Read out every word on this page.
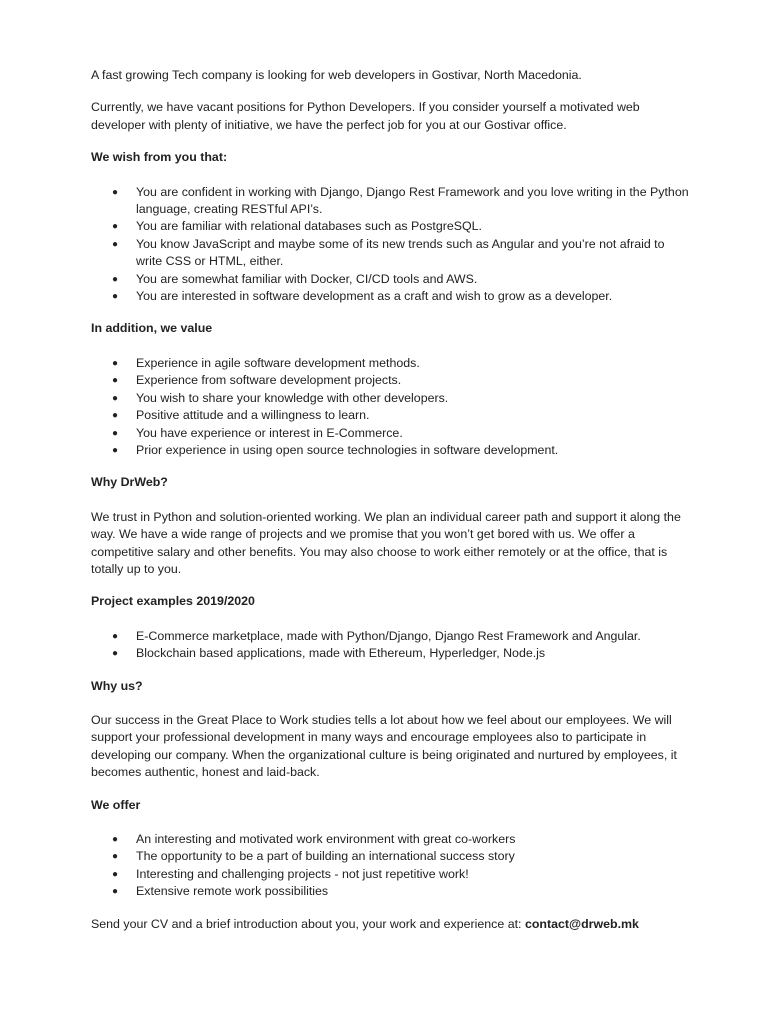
A fast growing Tech company is looking for web developers in Gostivar, North Macedonia.

Currently, we have vacant positions for Python Developers. If you consider yourself a motivated web developer with plenty of initiative, we have the perfect job for you at our Gostivar office.

We wish from you that:
● You are confident in working with Django, Django Rest Framework and you love writing in the Python language, creating RESTful API’s.
● You are familiar with relational databases such as PostgreSQL.
● You know JavaScript and maybe some of its new trends such as Angular and you’re not afraid to write CSS or HTML, either.
● You are somewhat familiar with Docker, CI/CD tools and AWS.
● You are interested in software development as a craft and wish to grow as a developer.
In addition, we value
● Experience in agile software development methods.
● Experience from software development projects.
● You wish to share your knowledge with other developers.
● Positive attitude and a willingness to learn.
● You have experience or interest in E-Commerce.
● Prior experience in using open source technologies in software development.
Why DrWeb?

We trust in Python and solution-oriented working. We plan an individual career path and support it along the way. We have a wide range of projects and we promise that you won’t get bored with us. We offer a competitive salary and other benefits. You may also choose to work either remotely or at the office, that is totally up to you.

Project examples 2019/2020
● E-Commerce marketplace, made with Python/Django, Django Rest Framework and Angular.
● Blockchain based applications, made with Ethereum, Hyperledger, Node.js
Why us?

Our success in the Great Place to Work studies tells a lot about how we feel about our employees. We will support your professional development in many ways and encourage employees also to participate in developing our company. When the organizational culture is being originated and nurtured by employees, it becomes authentic, honest and laid-back.

We offer
● An interesting and motivated work environment with great co-workers
● The opportunity to be a part of building an international success story
● Interesting and challenging projects - not just repetitive work!
● Extensive remote work possibilities

Send your CV and a brief introduction about you, your work and experience at: contact@drweb.mk
